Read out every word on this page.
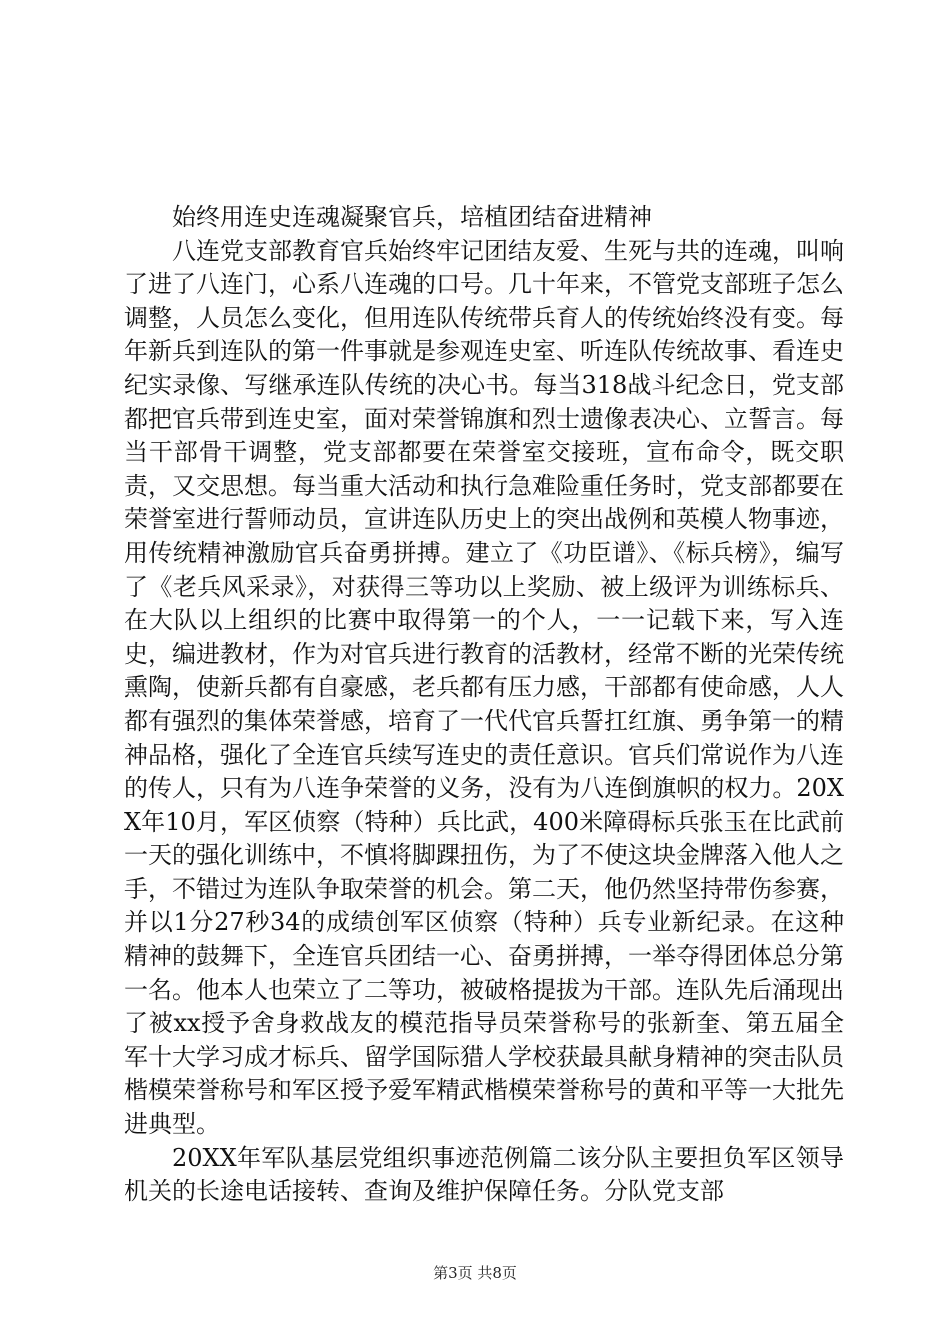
始终用连史连魂凝聚官兵，培植团结奋进精神

八连党支部教育官兵始终牢记团结友爱、生死与共的连魂，叫响了进了八连门，心系八连魂的口号。几十年来，不管党支部班子怎么调整，人员怎么变化，但用连队传统带兵育人的传统始终没有变。每年新兵到连队的第一件事就是参观连史室、听连队传统故事、看连史纪实录像、写继承连队传统的决心书。每当318战斗纪念日，党支部都把官兵带到连史室，面对荣誉锦旗和烈士遗像表决心、立誓言。每当干部骨干调整，党支部都要在荣誉室交接班，宣布命令，既交职责，又交思想。每当重大活动和执行急难险重任务时，党支部都要在荣誉室进行誓师动员，宣讲连队历史上的突出战例和英模人物事迹，用传统精神激励官兵奋勇拼搏。建立了《功臣谱》、《标兵榜》，编写了《老兵风采录》，对获得三等功以上奖励、被上级评为训练标兵、在大队以上组织的比赛中取得第一的个人，一一记载下来，写入连史，编进教材，作为对官兵进行教育的活教材，经常不断的光荣传统熏陶，使新兵都有自豪感，老兵都有压力感，干部都有使命感，人人都有强烈的集体荣誉感，培育了一代代官兵誓扛红旗、勇争第一的精神品格，强化了全连官兵续写连史的责任意识。官兵们常说作为八连的传人，只有为八连争荣誉的义务，没有为八连倒旗帜的权力。20XX年10月，军区侦察（特种）兵比武，400米障碍标兵张玉在比武前一天的强化训练中，不慎将脚踝扭伤，为了不使这块金牌落入他人之手，不错过为连队争取荣誉的机会。第二天，他仍然坚持带伤参赛，并以1分27秒34的成绩创军区侦察（特种）兵专业新纪录。在这种精神的鼓舞下，全连官兵团结一心、奋勇拼搏，一举夺得团体总分第一名。他本人也荣立了二等功，被破格提拔为干部。连队先后涌现出了被xx授予舍身救战友的模范指导员荣誉称号的张新奎、第五届全军十大学习成才标兵、留学国际猎人学校获最具献身精神的突击队员楷模荣誉称号和军区授予爱军精武楷模荣誉称号的黄和平等一大批先进典型。

20XX年军队基层党组织事迹范例篇二该分队主要担负军区领导机关的长途电话接转、查询及维护保障任务。分队党支部

第3页 共8页
